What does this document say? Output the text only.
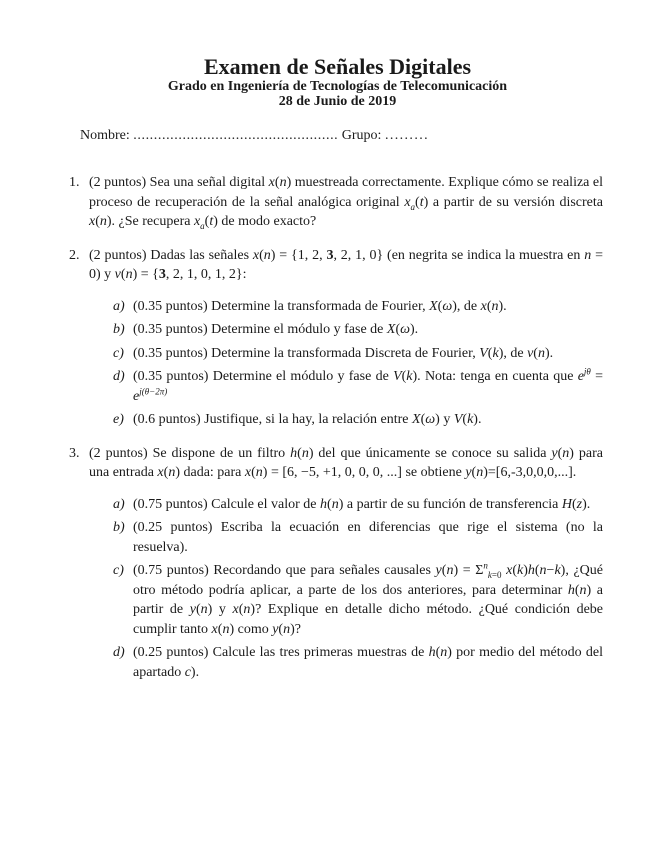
Examen de Señales Digitales
Grado en Ingeniería de Tecnologías de Telecomunicación
28 de Junio de 2019
Nombre: .................................................. Grupo: .........
1. (2 puntos) Sea una señal digital x(n) muestreada correctamente. Explique cómo se realiza el proceso de recuperación de la señal analógica original $x_a(t)$ a partir de su versión discreta x(n). ¿Se recupera $x_a(t)$ de modo exacto?
2. (2 puntos) Dadas las señales x(n) = {1, 2, 3, 2, 1, 0} (en negrita se indica la muestra en n = 0) y v(n) = {3, 2, 1, 0, 1, 2}:
a) (0.35 puntos) Determine la transformada de Fourier, X(ω), de x(n).
b) (0.35 puntos) Determine el módulo y fase de X(ω).
c) (0.35 puntos) Determine la transformada Discreta de Fourier, V(k), de v(n).
d) (0.35 puntos) Determine el módulo y fase de V(k). Nota: tenga en cuenta que $e^{j\theta} = e^{j(\theta-2\pi)}$
e) (0.6 puntos) Justifique, si la hay, la relación entre X(ω) y V(k).
3. (2 puntos) Se dispone de un filtro h(n) del que únicamente se conoce su salida y(n) para una entrada x(n) dada: para x(n) = [6, −5, +1, 0, 0, 0, ...] se obtiene y(n)=[6,-3,0,0,0,...].
a) (0.75 puntos) Calcule el valor de h(n) a partir de su función de transferencia H(z).
b) (0.25 puntos) Escriba la ecuación en diferencias que rige el sistema (no la resuelva).
c) (0.75 puntos) Recordando que para señales causales $y(n) = \Sigma^n_{k=0}$ x(k)h(n−k), ¿Qué otro método podría aplicar, a parte de los dos anteriores, para determinar h(n) a partir de y(n) y x(n)? Explique en detalle dicho método. ¿Qué condición debe cumplir tanto x(n) como y(n)?
d) (0.25 puntos) Calcule las tres primeras muestras de h(n) por medio del método del apartado c).
